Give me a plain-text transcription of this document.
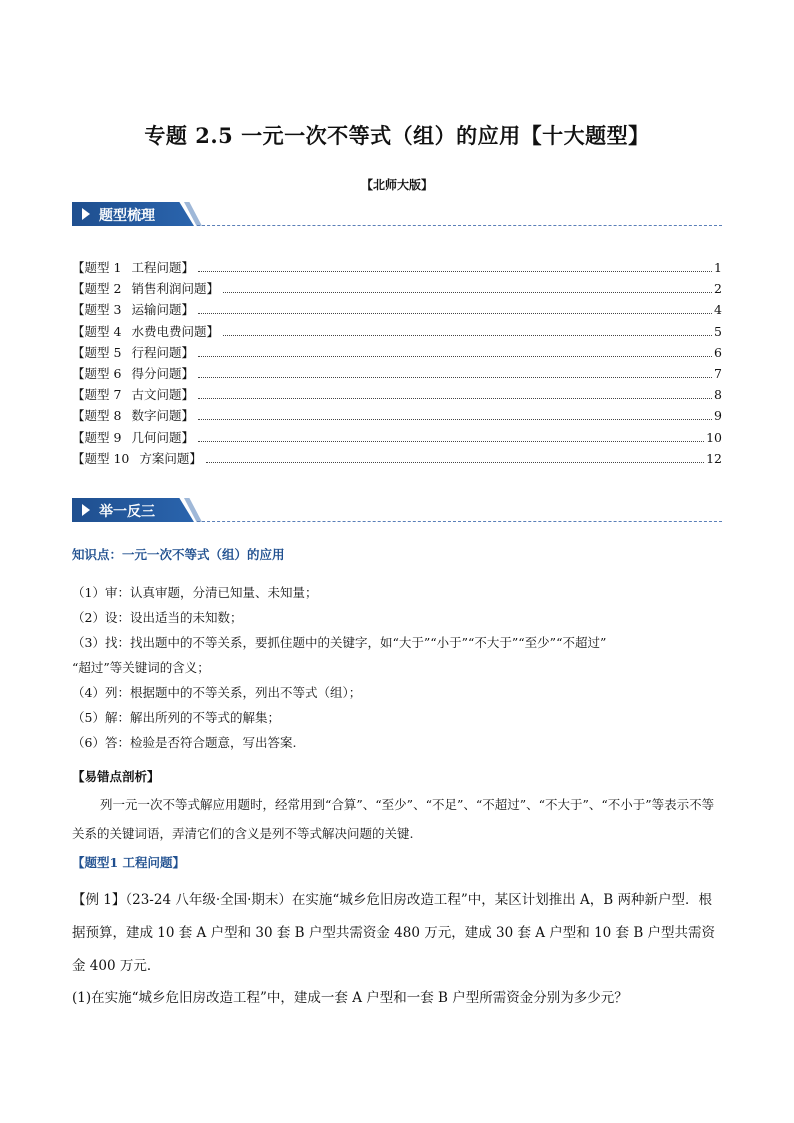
专题 2.5 一元一次不等式（组）的应用【十大题型】
【北师大版】
题型梳理
【题型 1 工程问题】	1
【题型 2 销售利润问题】	2
【题型 3 运输问题】	4
【题型 4 水费电费问题】	5
【题型 5 行程问题】	6
【题型 6 得分问题】	7
【题型 7 古文问题】	8
【题型 8 数字问题】	9
【题型 9 几何问题】	10
【题型 10 方案问题】	12
举一反三
知识点：一元一次不等式（组）的应用

（1）审：认真审题，分清已知量、未知量；

（2）设：设出适当的未知数；

（3）找：找出题中的不等关系，要抓住题中的关键字，如“大于”“小于”“不大于”“至少”“不超过”

“超过”等关键词的含义；

（4）列：根据题中的不等关系，列出不等式（组）；

（5）解：解出所列的不等式的解集；

（6）答：检验是否符合题意，写出答案.

【易错点剖析】
列一元一次不等式解应用题时，经常用到“合算”、“至少”、“不足”、“不超过”、“不大于”、“不小于”等表示不等关系的关键词语，弄清它们的含义是列不等式解决问题的关键.
【题型1 工程问题】
【例 1】（23-24 八年级·全国·期末）在实施“城乡危旧房改造工程”中，某区计划推出 A，B 两种新户型．根据预算，建成 10 套 A 户型和 30 套 B 户型共需资金 480 万元，建成 30 套 A 户型和 10 套 B 户型共需资金 400 万元．
(1)在实施“城乡危旧房改造工程”中，建成一套 A 户型和一套 B 户型所需资金分别为多少元？
